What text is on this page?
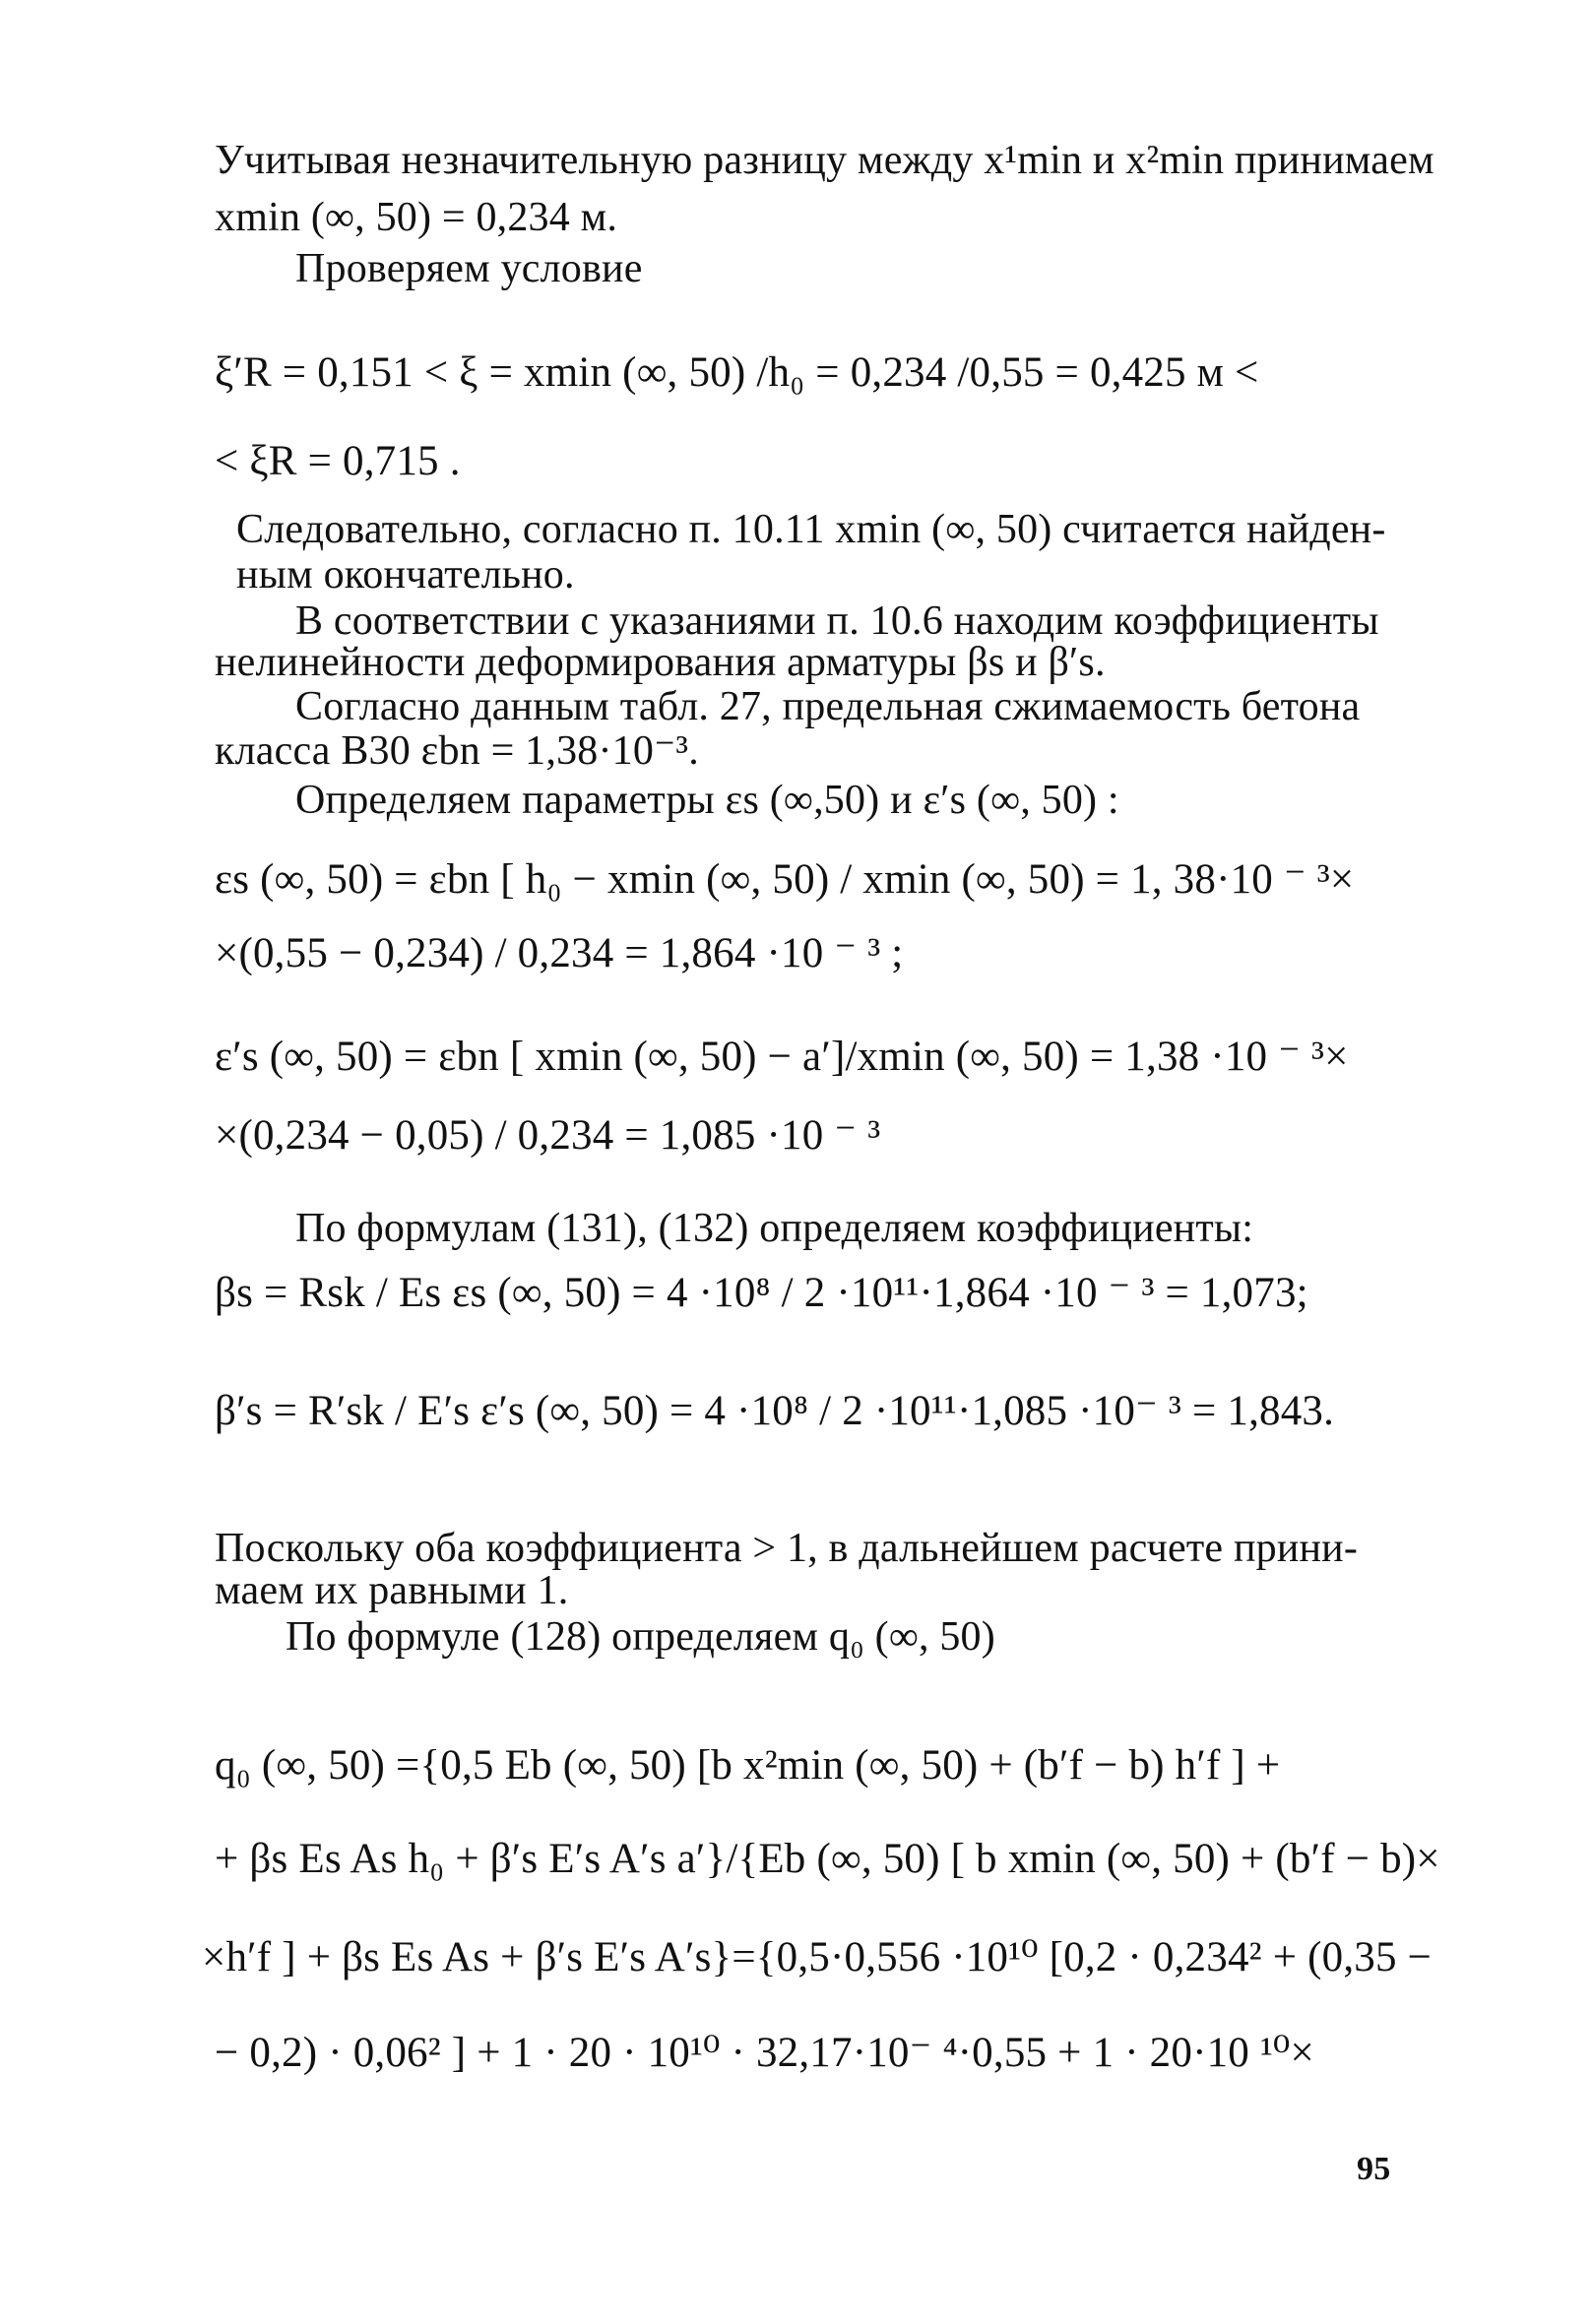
Учитывая незначительную разницу между x¹min и x²min принимаем
xmin (∞, 50) = 0,234 м.
Проверяем условие
ξ′R = 0,151 < ξ = xmin (∞, 50) /h₀ = 0,234 /0,55 = 0,425 м <
< ξR = 0,715 .
Следовательно, согласно п. 10.11 xmin (∞, 50) считается найден-
ным окончательно.
В соответствии с указаниями п. 10.6 находим коэффициенты
нелинейности деформирования арматуры βs и β′s.
Согласно данным табл. 27, предельная сжимаемость бетона
класса B30 εbn = 1,38·10⁻³.
Определяем параметры εs (∞,50) и ε′s (∞, 50) :
εs (∞, 50) = εbn [ h₀ − xmin (∞, 50) / xmin (∞, 50) = 1, 38·10 ⁻ ³×
×(0,55 − 0,234) / 0,234 = 1,864 ·10 ⁻ ³ ;
ε′s (∞, 50) = εbn [ xmin (∞, 50) − a′]/xmin (∞, 50) = 1,38 ·10 ⁻ ³×
×(0,234 − 0,05) / 0,234 = 1,085 ·10 ⁻ ³
По формулам (131), (132) определяем коэффициенты:
βs = Rsk / Es εs (∞, 50) = 4 ·10⁸ / 2 ·10¹¹·1,864 ·10 ⁻ ³ = 1,073;
β′s = R′sk / E′s ε′s (∞, 50) = 4 ·10⁸ / 2 ·10¹¹·1,085 ·10⁻ ³ = 1,843.
Поскольку оба коэффициента > 1, в дальнейшем расчете прини-
маем их равными 1.
По формуле (128) определяем q₀ (∞, 50)
q₀ (∞, 50) ={0,5 Eb (∞, 50) [b x²min (∞, 50) + (b′f − b) h′f ] +
+ βs Es As h₀ + β′s E′s A′s a′}/{Eb (∞, 50) [ b xmin (∞, 50) + (b′f − b)×
×h′f ] + βs Es As + β′s E′s A′s}={0,5·0,556 ·10¹⁰ [0,2 · 0,234² + (0,35 −
− 0,2) · 0,06² ] + 1 · 20 · 10¹⁰ · 32,17·10⁻ ⁴·0,55 + 1 · 20·10 ¹⁰×
95
